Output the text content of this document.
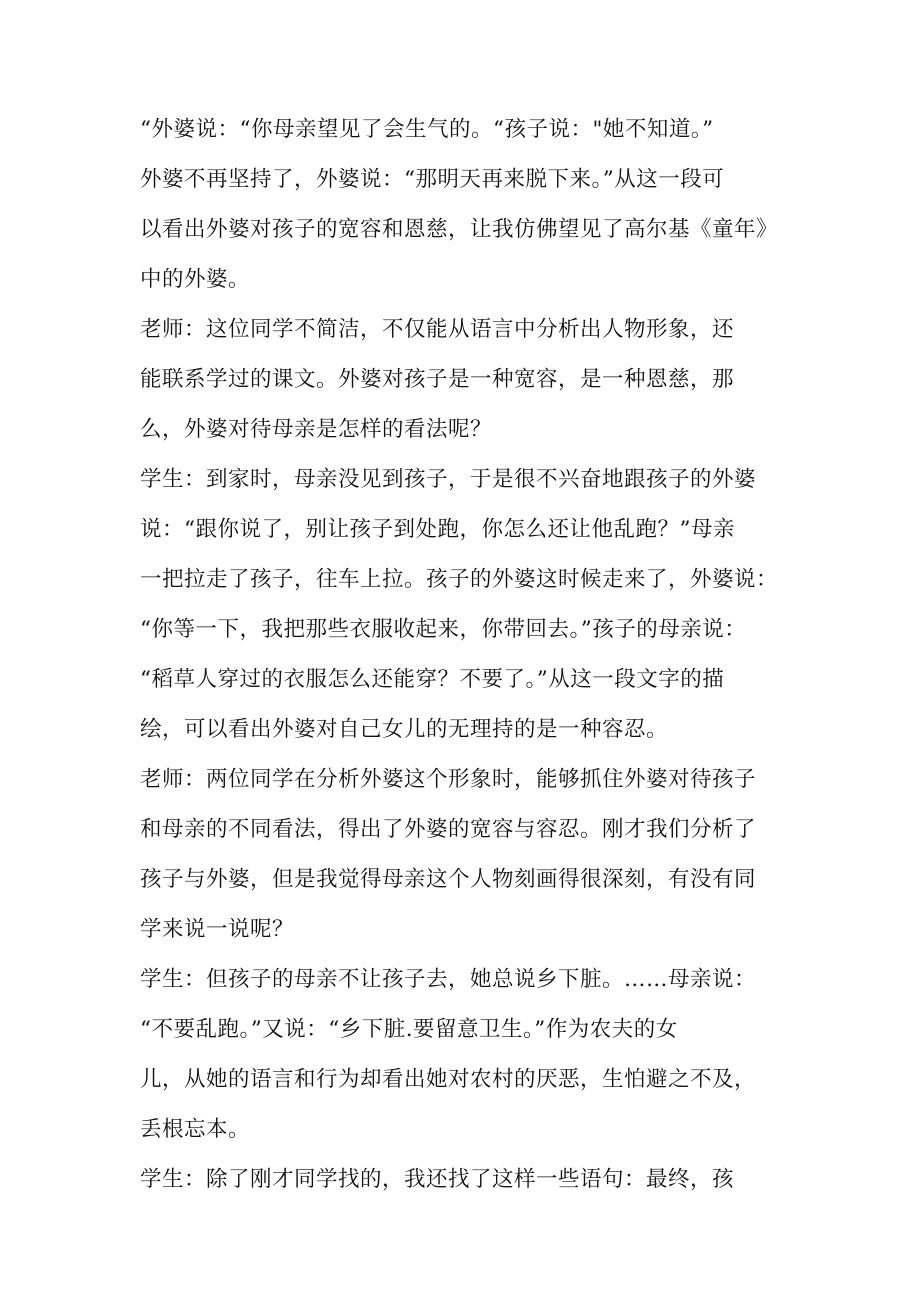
“外婆说：“你母亲望见了会生气的。“孩子说："她不知道。”
外婆不再坚持了，外婆说：“那明天再来脱下来。”从这一段可
以看出外婆对孩子的宽容和恩慈，让我仿佛望见了高尔基《童年》
中的外婆。
老师：这位同学不简洁，不仅能从语言中分析出人物形象，还
能联系学过的课文。外婆对孩子是一种宽容，是一种恩慈，那
么，外婆对待母亲是怎样的看法呢？
学生：到家时，母亲没见到孩子，于是很不兴奋地跟孩子的外婆
说：“跟你说了，别让孩子到处跑，你怎么还让他乱跑？”母亲
一把拉走了孩子，往车上拉。孩子的外婆这时候走来了，外婆说：
“你等一下，我把那些衣服收起来，你带回去。”孩子的母亲说：
“稻草人穿过的衣服怎么还能穿？不要了。”从这一段文字的描
绘，可以看出外婆对自己女儿的无理持的是一种容忍。
老师：两位同学在分析外婆这个形象时，能够抓住外婆对待孩子
和母亲的不同看法，得出了外婆的宽容与容忍。刚才我们分析了
孩子与外婆，但是我觉得母亲这个人物刻画得很深刻，有没有同
学来说一说呢？
学生：但孩子的母亲不让孩子去，她总说乡下脏。……母亲说：
“不要乱跑。”又说：“乡下脏.要留意卫生。”作为农夫的女
儿，从她的语言和行为却看出她对农村的厌恶，生怕避之不及，
丢根忘本。
学生：除了刚才同学找的，我还找了这样一些语句：最终，孩
